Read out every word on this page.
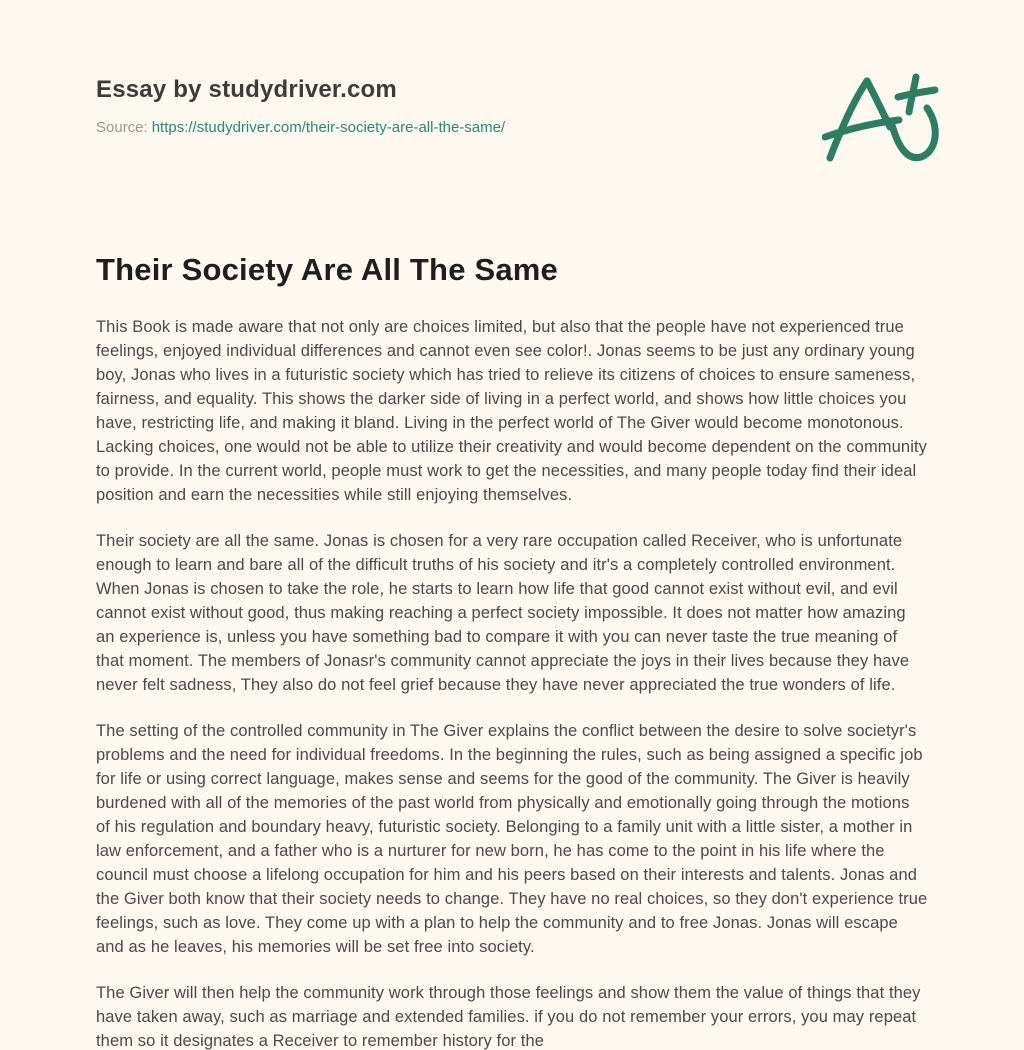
Essay by studydriver.com
Source: https://studydriver.com/their-society-are-all-the-same/
Their Society Are All The Same

This Book is made aware that not only are choices limited, but also that the people have not experienced true feelings, enjoyed individual differences and cannot even see color!. Jonas seems to be just any ordinary young boy, Jonas who lives in a futuristic society which has tried to relieve its citizens of choices to ensure sameness, fairness, and equality. This shows the darker side of living in a perfect world, and shows how little choices you have, restricting life, and making it bland. Living in the perfect world of The Giver would become monotonous. Lacking choices, one would not be able to utilize their creativity and would become dependent on the community to provide. In the current world, people must work to get the necessities, and many people today find their ideal position and earn the necessities while still enjoying themselves.

Their society are all the same. Jonas is chosen for a very rare occupation called Receiver, who is unfortunate enough to learn and bare all of the difficult truths of his society and itr's a completely controlled environment. When Jonas is chosen to take the role, he starts to learn how life that good cannot exist without evil, and evil cannot exist without good, thus making reaching a perfect society impossible. It does not matter how amazing an experience is, unless you have something bad to compare it with you can never taste the true meaning of that moment. The members of Jonasr's community cannot appreciate the joys in their lives because they have never felt sadness, They also do not feel grief because they have never appreciated the true wonders of life.

The setting of the controlled community in The Giver explains the conflict between the desire to solve societyr's problems and the need for individual freedoms. In the beginning the rules, such as being assigned a specific job for life or using correct language, makes sense and seems for the good of the community. The Giver is heavily burdened with all of the memories of the past world from physically and emotionally going through the motions of his regulation and boundary heavy, futuristic society. Belonging to a family unit with a little sister, a mother in law enforcement, and a father who is a nurturer for new born, he has come to the point in his life where the council must choose a lifelong occupation for him and his peers based on their interests and talents. Jonas and the Giver both know that their society needs to change. They have no real choices, so they don't experience true feelings, such as love. They come up with a plan to help the community and to free Jonas. Jonas will escape and as he leaves, his memories will be set free into society.

The Giver will then help the community work through those feelings and show them the value of things that they have taken away, such as marriage and extended families. if you do not remember your errors, you may repeat them so it designates a Receiver to remember history for the
